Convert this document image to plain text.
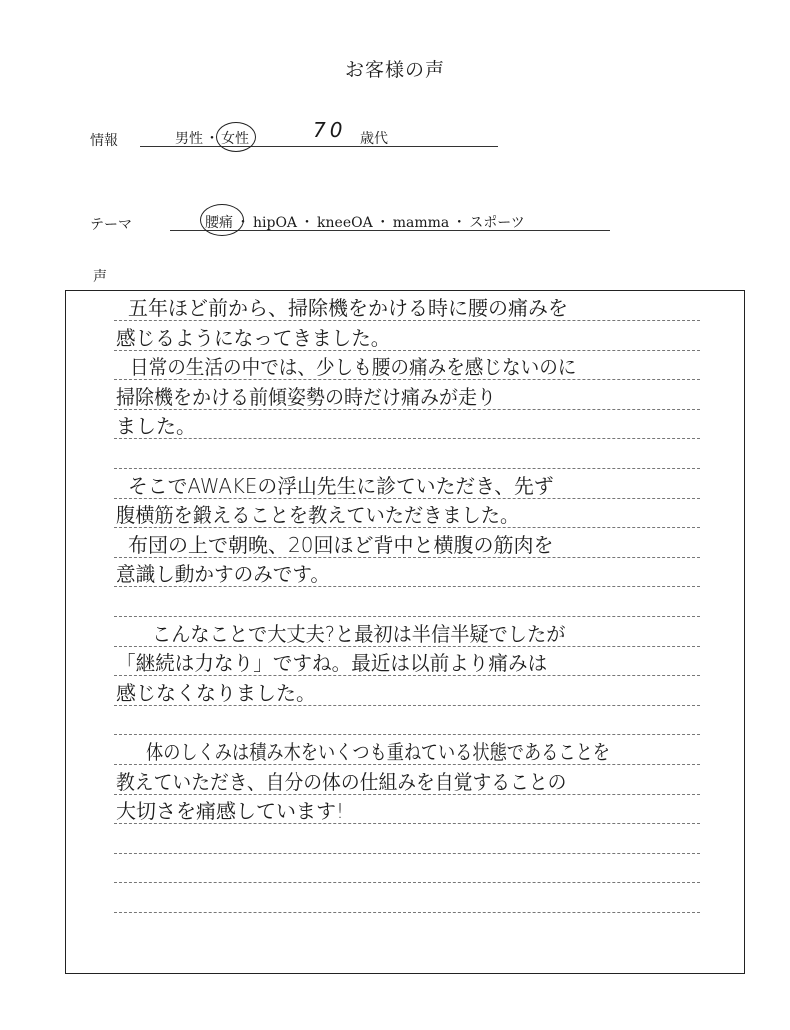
お客様の声
情報	男性 ・ 女性	70 歳代
テーマ	腰痛 ・ hipOA ・ kneeOA ・ mamma ・ スポーツ
声
五年ほど前から、掃除機をかける時に腰の痛みを
感じるようになってきました。
日常の生活の中では、少しも腰の痛みを感じないのに
掃除機をかける前傾姿勢の時だけ痛みが走り
ました。
そこでAWAKEの浮山先生に診ていただき、先ず
腹横筋を鍛えることを教えていただきました。
布団の上で朝晩、20回ほど背中と横腹の筋肉を
意識し動かすのみです。
こんなことで大丈夫?と最初は半信半疑でしたが
「継続は力なり」ですね。最近は以前より痛みは
感じなくなりました。
体のしくみは積み木をいくつも重ねている状態であることを
教えていただき、自分の体の仕組みを自覚することの
大切さを痛感しています!
